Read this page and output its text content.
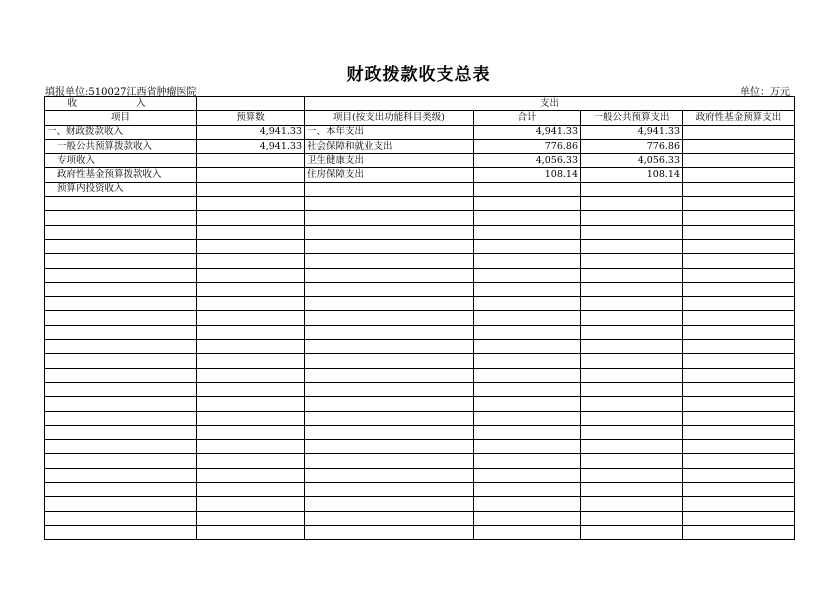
财政拨款收支总表
填报单位:510027江西省肿瘤医院	单位：万元
收 入		支出			
项目	预算数	项目(按支出功能科目类级)	合计	一般公共预算支出	政府性基金预算支出
一、财政拨款收入	4,941.33	一、本年支出	4,941.33	4,941.33	
一般公共预算拨款收入	4,941.33	社会保障和就业支出	776.86	776.86	
专项收入		卫生健康支出	4,056.33	4,056.33	
政府性基金预算拨款收入		住房保障支出	108.14	108.14	
预算内投资收入					
